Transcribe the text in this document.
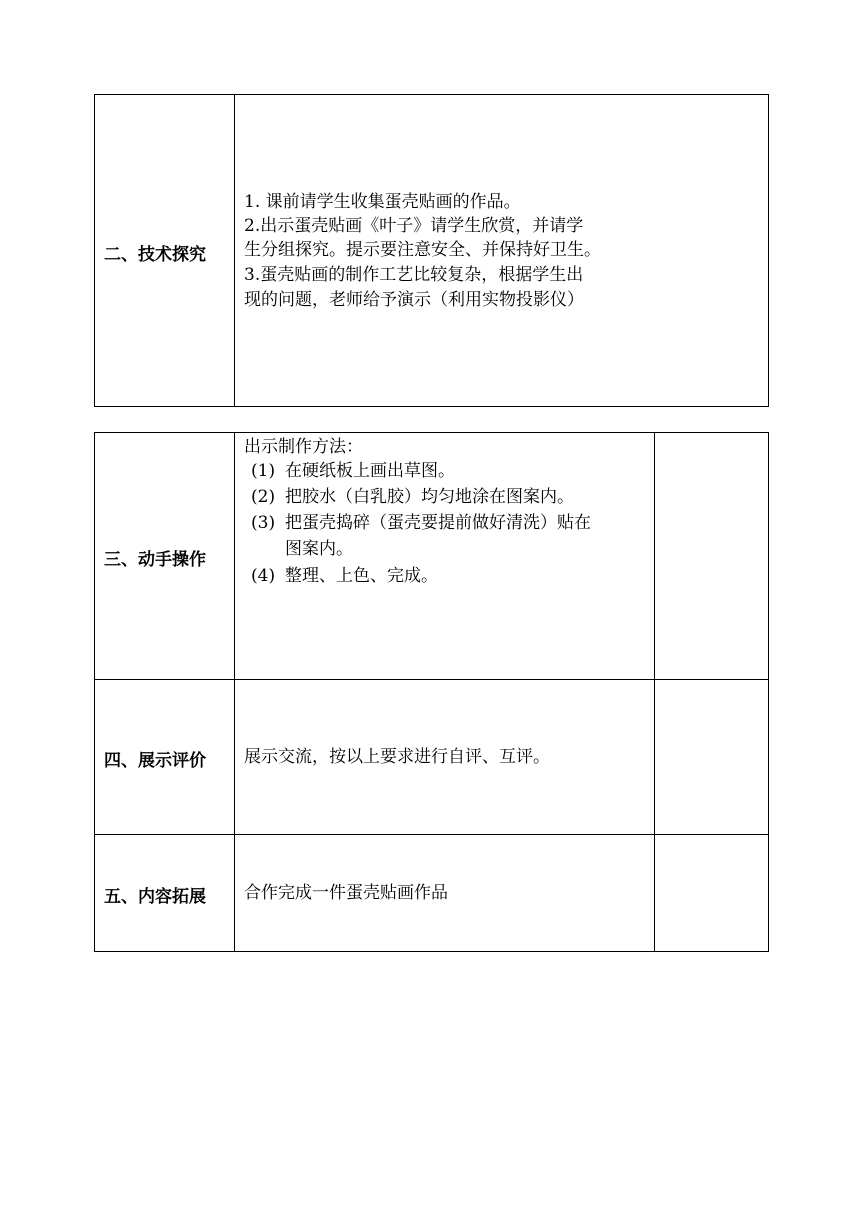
二、技术探究
1. 课前请学生收集蛋壳贴画的作品。
2.出示蛋壳贴画《叶子》请学生欣赏，并请学
生分组探究。提示要注意安全、并保持好卫生。
3.蛋壳贴画的制作工艺比较复杂，根据学生出
现的问题，老师给予演示（利用实物投影仪）
三、动手操作
出示制作方法：
(1) 在硬纸板上画出草图。
(2) 把胶水（白乳胶）均匀地涂在图案内。
(3) 把蛋壳捣碎（蛋壳要提前做好清洗）贴在
图案内。
(4) 整理、上色、完成。
四、展示评价 展示交流，按以上要求进行自评、互评。
五、内容拓展 合作完成一件蛋壳贴画作品
